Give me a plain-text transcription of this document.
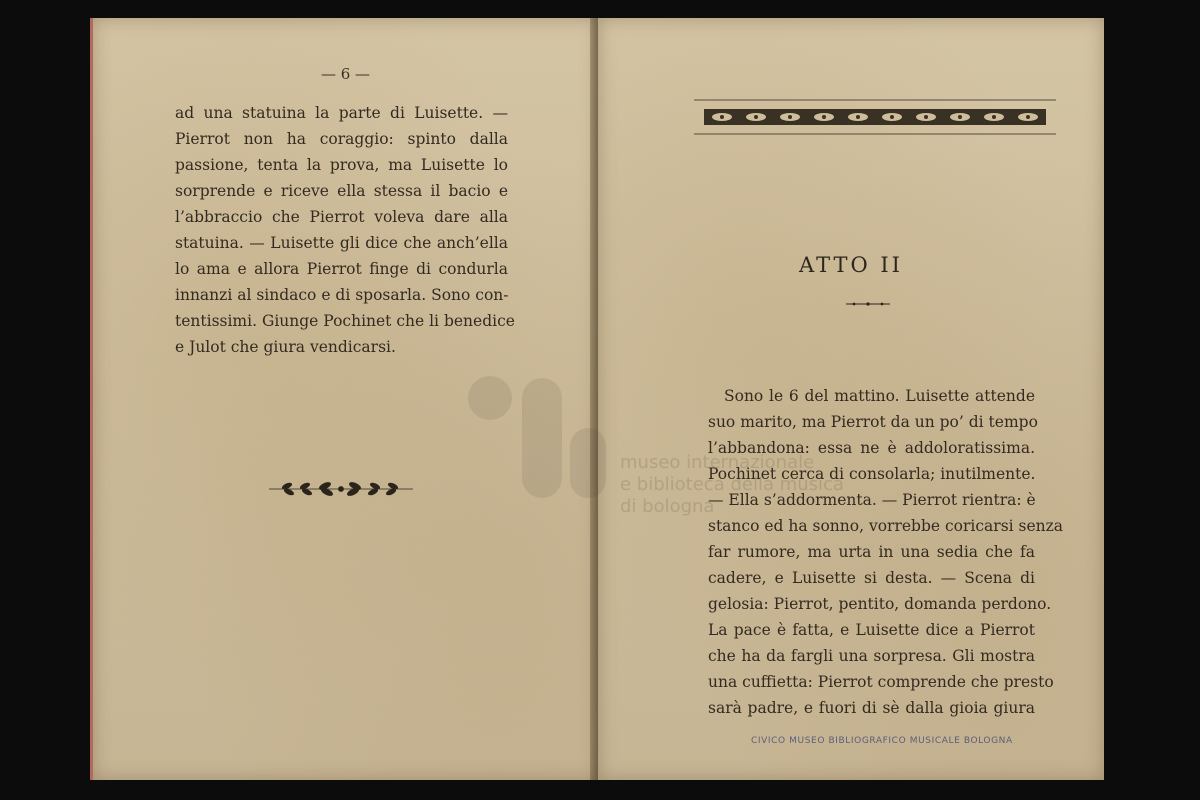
— 6 —
ad una statuina la parte di Luisette. —
Pierrot non ha coraggio: spinto dalla
passione, tenta la prova, ma Luisette lo
sorprende e riceve ella stessa il bacio e
l’abbraccio che Pierrot voleva dare alla
statuina. — Luisette gli dice che anch’ella
lo ama e allora Pierrot finge di condurla
innanzi al sindaco e di sposarla. Sono con-
tentissimi. Giunge Pochinet che li benedice
e Julot che giura vendicarsi.
ATTO II
Sono le 6 del mattino. Luisette attende
suo marito, ma Pierrot da un po’ di tempo
l’abbandona: essa ne è addoloratissima.
Pochinet cerca di consolarla; inutilmente.
— Ella s’addormenta. — Pierrot rientra: è
stanco ed ha sonno, vorrebbe coricarsi senza
far rumore, ma urta in una sedia che fa
cadere, e Luisette si desta. — Scena di
gelosia: Pierrot, pentito, domanda perdono.
La pace è fatta, e Luisette dice a Pierrot
che ha da fargli una sorpresa. Gli mostra
una cuffietta: Pierrot comprende che presto
sarà padre, e fuori di sè dalla gioia giura
CIVICO MUSEO BIBLIOGRAFICO MUSICALE BOLOGNA
